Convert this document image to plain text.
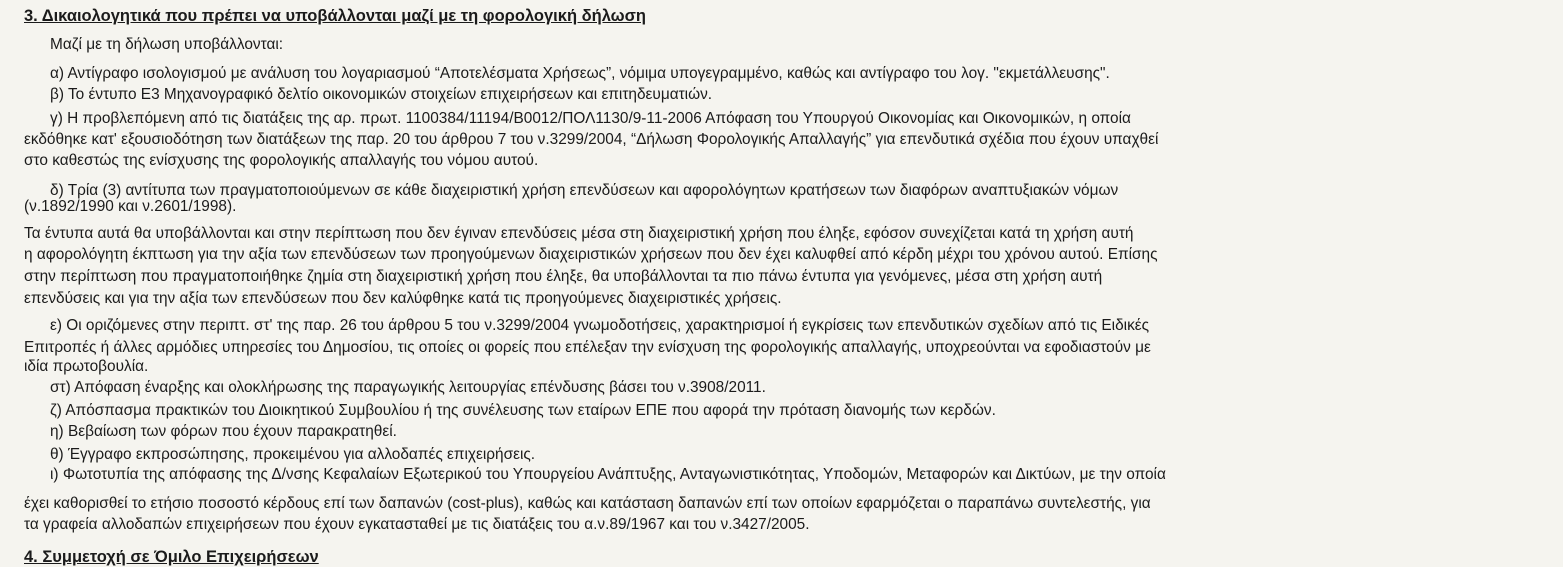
3. Δικαιολογητικά που πρέπει να υποβάλλονται μαζί με τη φορολογική δήλωση
Μαζί με τη δήλωση υποβάλλονται:
α) Αντίγραφο ισολογισμού με ανάλυση του λογαριασμού “Αποτελέσματα Χρήσεως”, νόμιμα υπογεγραμμένο, καθώς και αντίγραφο του λογ. "εκμετάλλευσης".
β) Το έντυπο Ε3 Μηχανογραφικό δελτίο οικονομικών στοιχείων επιχειρήσεων και επιτηδευματιών.
γ) Η προβλεπόμενη από τις διατάξεις της αρ. πρωτ. 1100384/11194/Β0012/ΠΟΛ1130/9-11-2006 Απόφαση του Υπουργού Οικονομίας και Οικονομικών, η οποία
εκδόθηκε κατ' εξουσιοδότηση των διατάξεων της παρ. 20 του άρθρου 7 του ν.3299/2004, “Δήλωση Φορολογικής Απαλλαγής” για επενδυτικά σχέδια που έχουν υπαχθεί
στο καθεστώς της ενίσχυσης της φορολογικής απαλλαγής του νόμου αυτού.
δ) Τρία (3) αντίτυπα των πραγματοποιούμενων σε κάθε διαχειριστική χρήση επενδύσεων και αφορολόγητων κρατήσεων των διαφόρων αναπτυξιακών νόμων
(ν.1892/1990 και ν.2601/1998).
Τα έντυπα αυτά θα υποβάλλονται και στην περίπτωση που δεν έγιναν επενδύσεις μέσα στη διαχειριστική χρήση που έληξε, εφόσον συνεχίζεται κατά τη χρήση αυτή
η αφορολόγητη έκπτωση για την αξία των επενδύσεων των προηγούμενων διαχειριστικών χρήσεων που δεν έχει καλυφθεί από κέρδη μέχρι του χρόνου αυτού. Επίσης
στην περίπτωση που πραγματοποιήθηκε ζημία στη διαχειριστική χρήση που έληξε, θα υποβάλλονται τα πιο πάνω έντυπα για γενόμενες, μέσα στη χρήση αυτή
επενδύσεις και για την αξία των επενδύσεων που δεν καλύφθηκε κατά τις προηγούμενες διαχειριστικές χρήσεις.
ε) Οι οριζόμενες στην περιπτ. στ' της παρ. 26 του άρθρου 5 του ν.3299/2004 γνωμοδοτήσεις, χαρακτηρισμοί ή εγκρίσεις των επενδυτικών σχεδίων από τις Ειδικές
Επιτροπές ή άλλες αρμόδιες υπηρεσίες του Δημοσίου, τις οποίες οι φορείς που επέλεξαν την ενίσχυση της φορολογικής απαλλαγής, υποχρεούνται να εφοδιαστούν με
ιδία πρωτοβουλία.
στ) Απόφαση έναρξης και ολοκλήρωσης της παραγωγικής λειτουργίας επένδυσης βάσει του ν.3908/2011.
ζ) Απόσπασμα πρακτικών του Διοικητικού Συμβουλίου ή της συνέλευσης των εταίρων ΕΠΕ που αφορά την πρόταση διανομής των κερδών.
η) Βεβαίωση των φόρων που έχουν παρακρατηθεί.
θ) Έγγραφο εκπροσώπησης, προκειμένου για αλλοδαπές επιχειρήσεις.
ι) Φωτοτυπία της απόφασης της Δ/νσης Κεφαλαίων Εξωτερικού του Υπουργείου Ανάπτυξης, Ανταγωνιστικότητας, Υποδομών, Μεταφορών και Δικτύων, με την οποία
έχει καθορισθεί το ετήσιο ποσοστό κέρδους επί των δαπανών (cost-plus), καθώς και κατάσταση δαπανών επί των οποίων εφαρμόζεται ο παραπάνω συντελεστής, για
τα γραφεία αλλοδαπών επιχειρήσεων που έχουν εγκατασταθεί με τις διατάξεις του α.ν.89/1967 και του ν.3427/2005.
4. Συμμετοχή σε Όμιλο Επιχειρήσεων
